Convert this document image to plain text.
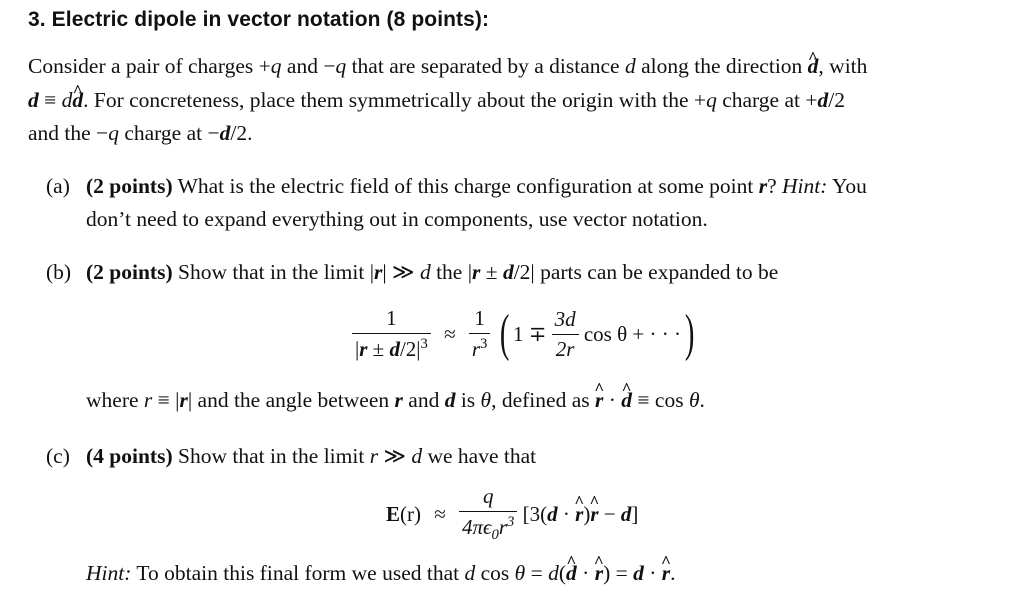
3. Electric dipole in vector notation (8 points):
Consider a pair of charges +q and −q that are separated by a distance d along the direction d ^, with
d ≡ dd ^. For concreteness, place them symmetrically about the origin with the +q charge at +d/2
and the −q charge at −d/2.
(a) (2 points) What is the electric field of this charge configuration at some point r? Hint: You
don’t need to expand everything out in components, use vector notation.
(b) (2 points) Show that in the limit |r| ≫ d the |r ± d/2| parts can be expanded to be
$\frac{1}{|r \pm d/2|^3} \approx \frac{1}{r^3}$ ( $1 \mp \frac{3d}{2r}$ cos θ + · · ·)
where r ≡ |r| and the angle between r and d is θ, defined as r ^ · d ^ ≡ cos θ.
(c) (4 points) Show that in the limit r ≫ d we have that
$E(r) \approx \frac{q}{4\pi\epsilon_0r^3} [3(d \cdot r$ ^)r ^ − d]
Hint: To obtain this final form we used that d cos θ = d(d ^ · r ^) = d · r ^.
